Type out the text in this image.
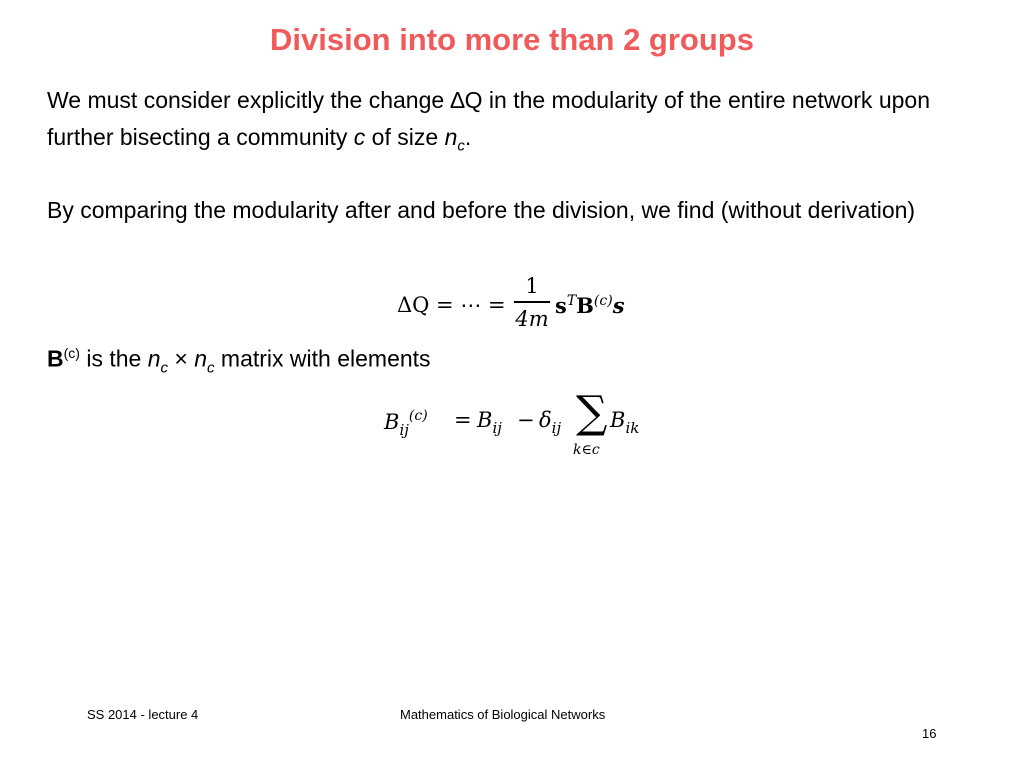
Division into more than 2 groups
We must consider explicitly the change ∆Q in the modularity of the entire network upon further bisecting a community c of size $n_c$.
By comparing the modularity after and before the division, we find (without derivation)
ΔQ = ⋯ =
1
4m
$s^TB^{(c)}s$
$B^{(c)}$ is the $n_c \times n_c$ matrix with elements
$B_{ij}^{(c)} = B_{ij} - \delta_{ij}$ ∑
k∈c
$B_{ik}$
SS 2014 - lecture 4	Mathematics of Biological Networks
16
